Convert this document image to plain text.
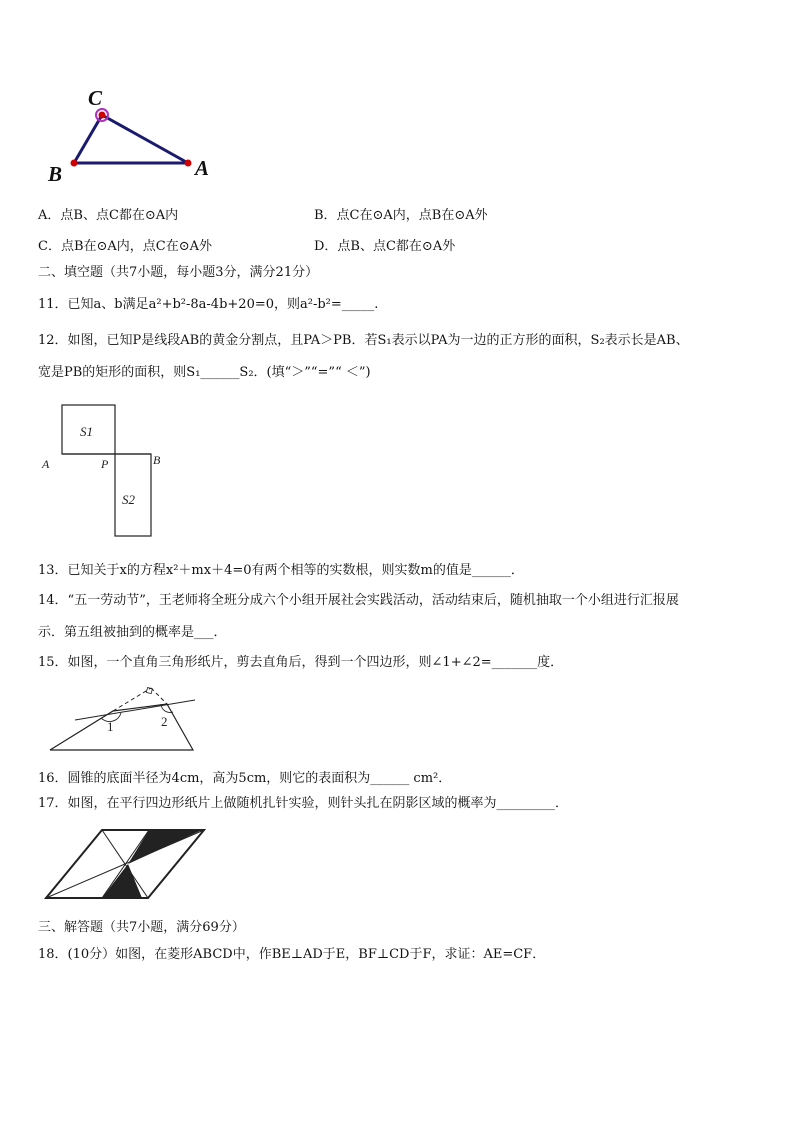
C
B	A
A．点B、点C都在⊙A内	B．点C在⊙A内，点B在⊙A外
C．点B在⊙A内，点C在⊙A外	D．点B、点C都在⊙A外
二、填空题（共7小题，每小题3分，满分21分）
11．已知a、b满足a²+b²-8a-4b+20=0，则a²-b²=_____.
12．如图，已知P是线段AB的黄金分割点，且PA＞PB．若S₁表示以PA为一边的正方形的面积，S₂表示长是AB、
宽是PB的矩形的面积，则S₁______S₂．(填“＞”“=”“ ＜”)
S1
S2
A	P	B
13．已知关于x的方程x²＋mx＋4=0有两个相等的实数根，则实数m的值是______．
14．“五一劳动节”，王老师将全班分成六个小组开展社会实践活动，活动结束后，随机抽取一个小组进行汇报展
示．第五组被抽到的概率是___．
15．如图，一个直角三角形纸片，剪去直角后，得到一个四边形，则∠1+∠2=_______度．
1	2
16．圆锥的底面半径为4cm，高为5cm，则它的表面积为______ cm²．
17．如图，在平行四边形纸片上做随机扎针实验，则针头扎在阴影区域的概率为_________．
三、解答题（共7小题，满分69分）
18．(10分）如图，在菱形ABCD中，作BE⊥AD于E，BF⊥CD于F，求证：AE=CF．
